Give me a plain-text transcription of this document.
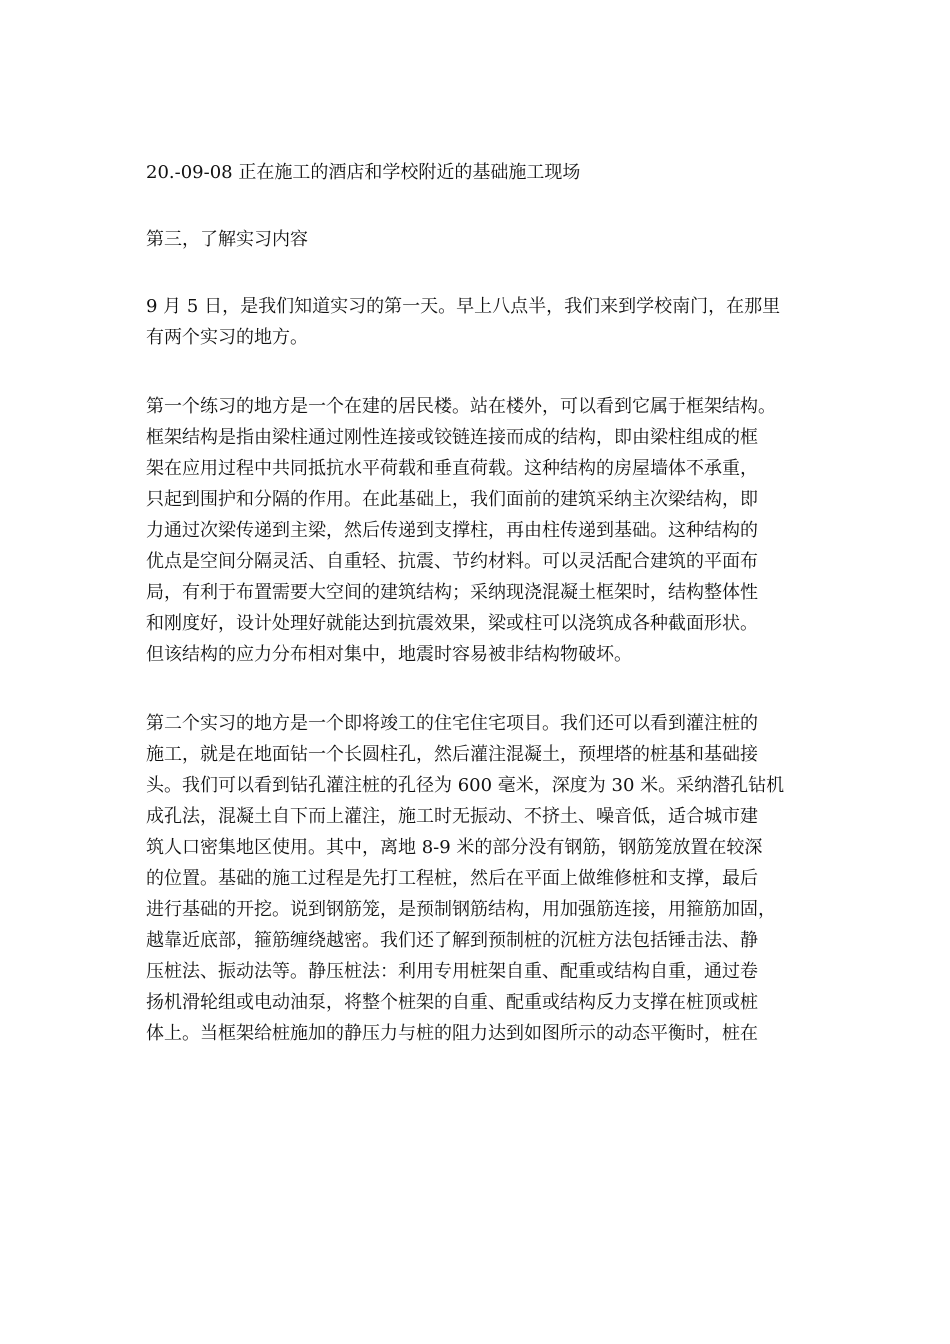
20.-09-08 正在施工的酒店和学校附近的基础施工现场

第三，了解实习内容

9 月 5 日，是我们知道实习的第一天。早上八点半，我们来到学校南门，在那里
有两个实习的地方。

第一个练习的地方是一个在建的居民楼。站在楼外，可以看到它属于框架结构。
框架结构是指由梁柱通过刚性连接或铰链连接而成的结构，即由梁柱组成的框
架在应用过程中共同抵抗水平荷载和垂直荷载。这种结构的房屋墙体不承重，
只起到围护和分隔的作用。在此基础上，我们面前的建筑采纳主次梁结构，即
力通过次梁传递到主梁，然后传递到支撑柱，再由柱传递到基础。这种结构的
优点是空间分隔灵活、自重轻、抗震、节约材料。可以灵活配合建筑的平面布
局，有利于布置需要大空间的建筑结构；采纳现浇混凝土框架时，结构整体性
和刚度好，设计处理好就能达到抗震效果，梁或柱可以浇筑成各种截面形状。
但该结构的应力分布相对集中，地震时容易被非结构物破坏。

第二个实习的地方是一个即将竣工的住宅住宅项目。我们还可以看到灌注桩的
施工，就是在地面钻一个长圆柱孔，然后灌注混凝土，预埋塔的桩基和基础接
头。我们可以看到钻孔灌注桩的孔径为 600 毫米，深度为 30 米。采纳潜孔钻机
成孔法，混凝土自下而上灌注，施工时无振动、不挤土、噪音低，适合城市建
筑人口密集地区使用。其中，离地 8-9 米的部分没有钢筋，钢筋笼放置在较深
的位置。基础的施工过程是先打工程桩，然后在平面上做维修桩和支撑，最后
进行基础的开挖。说到钢筋笼，是预制钢筋结构，用加强筋连接，用箍筋加固，
越靠近底部，箍筋缠绕越密。我们还了解到预制桩的沉桩方法包括锤击法、静
压桩法、振动法等。静压桩法：利用专用桩架自重、配重或结构自重，通过卷
扬机滑轮组或电动油泵，将整个桩架的自重、配重或结构反力支撑在桩顶或桩
体上。当框架给桩施加的静压力与桩的阻力达到如图所示的动态平衡时，桩在
